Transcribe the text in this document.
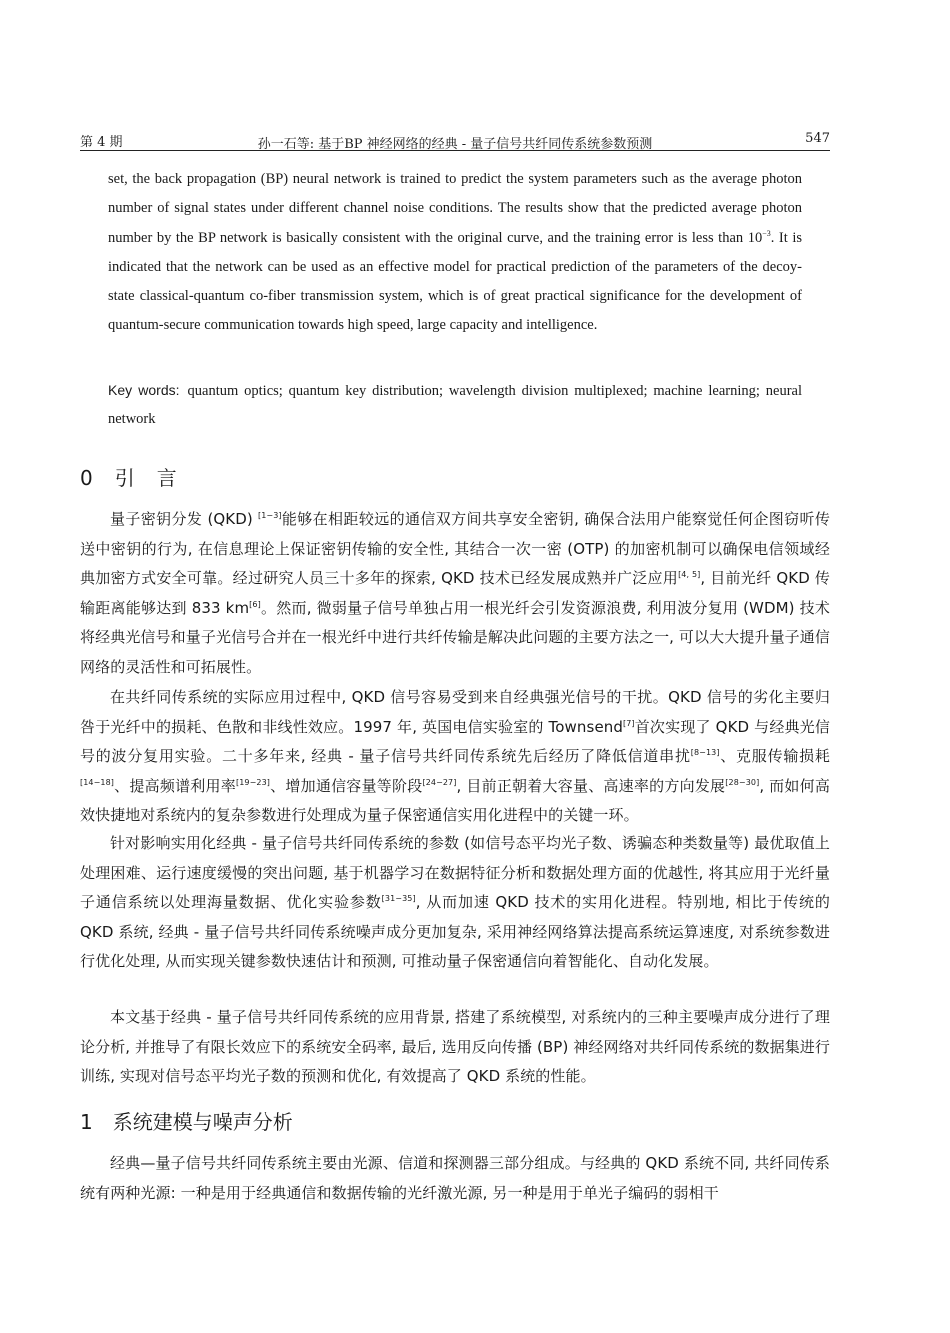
第 4 期	孙一石等: 基于BP 神经网络的经典 - 量子信号共纤同传系统参数预测	547
set, the back propagation (BP) neural network is trained to predict the system parameters such as the average photon number of signal states under different channel noise conditions. The results show that the predicted average photon number by the BP network is basically consistent with the original curve, and the training error is less than $10^{-3}$. It is indicated that the network can be used as an effective model for practical prediction of the parameters of the decoy-state classical-quantum co-fiber transmission system, which is of great practical significance for the development of quantum-secure communication towards high speed, large capacity and intelligence.
Key words: quantum optics; quantum key distribution; wavelength division multiplexed; machine learning; neural network
0 引 言
量子密钥分发 (QKD) [1−3]能够在相距较远的通信双方间共享安全密钥, 确保合法用户能察觉任何企图窃听传送中密钥的行为, 在信息理论上保证密钥传输的安全性, 其结合一次一密 (OTP) 的加密机制可以确保电信领域经典加密方式安全可靠。经过研究人员三十多年的探索, QKD 技术已经发展成熟并广泛应用[4, 5], 目前光纤 QKD 传输距离能够达到 833 km[6]。然而, 微弱量子信号单独占用一根光纤会引发资源浪费, 利用波分复用 (WDM) 技术将经典光信号和量子光信号合并在一根光纤中进行共纤传输是解决此问题的主要方法之一, 可以大大提升量子通信网络的灵活性和可拓展性。
在共纤同传系统的实际应用过程中, QKD 信号容易受到来自经典强光信号的干扰。QKD 信号的劣化主要归咎于光纤中的损耗、色散和非线性效应。1997 年, 英国电信实验室的 Townsend[7]首次实现了 QKD 与经典光信号的波分复用实验。二十多年来, 经典 - 量子信号共纤同传系统先后经历了降低信道串扰[8−13]、克服传输损耗[14−18]、提高频谱利用率[19−23]、增加通信容量等阶段[24−27], 目前正朝着大容量、高速率的方向发展[28−30], 而如何高效快捷地对系统内的复杂参数进行处理成为量子保密通信实用化进程中的关键一环。
针对影响实用化经典 - 量子信号共纤同传系统的参数 (如信号态平均光子数、诱骗态种类数量等) 最优取值上处理困难、运行速度缓慢的突出问题, 基于机器学习在数据特征分析和数据处理方面的优越性, 将其应用于光纤量子通信系统以处理海量数据、优化实验参数[31−35], 从而加速 QKD 技术的实用化进程。特别地, 相比于传统的 QKD 系统, 经典 - 量子信号共纤同传系统噪声成分更加复杂, 采用神经网络算法提高系统运算速度, 对系统参数进行优化处理, 从而实现关键参数快速估计和预测, 可推动量子保密通信向着智能化、自动化发展。
本文基于经典 - 量子信号共纤同传系统的应用背景, 搭建了系统模型, 对系统内的三种主要噪声成分进行了理论分析, 并推导了有限长效应下的系统安全码率, 最后, 选用反向传播 (BP) 神经网络对共纤同传系统的数据集进行训练, 实现对信号态平均光子数的预测和优化, 有效提高了 QKD 系统的性能。
1 系统建模与噪声分析
经典—量子信号共纤同传系统主要由光源、信道和探测器三部分组成。与经典的 QKD 系统不同, 共纤同传系统有两种光源: 一种是用于经典通信和数据传输的光纤激光源, 另一种是用于单光子编码的弱相干
